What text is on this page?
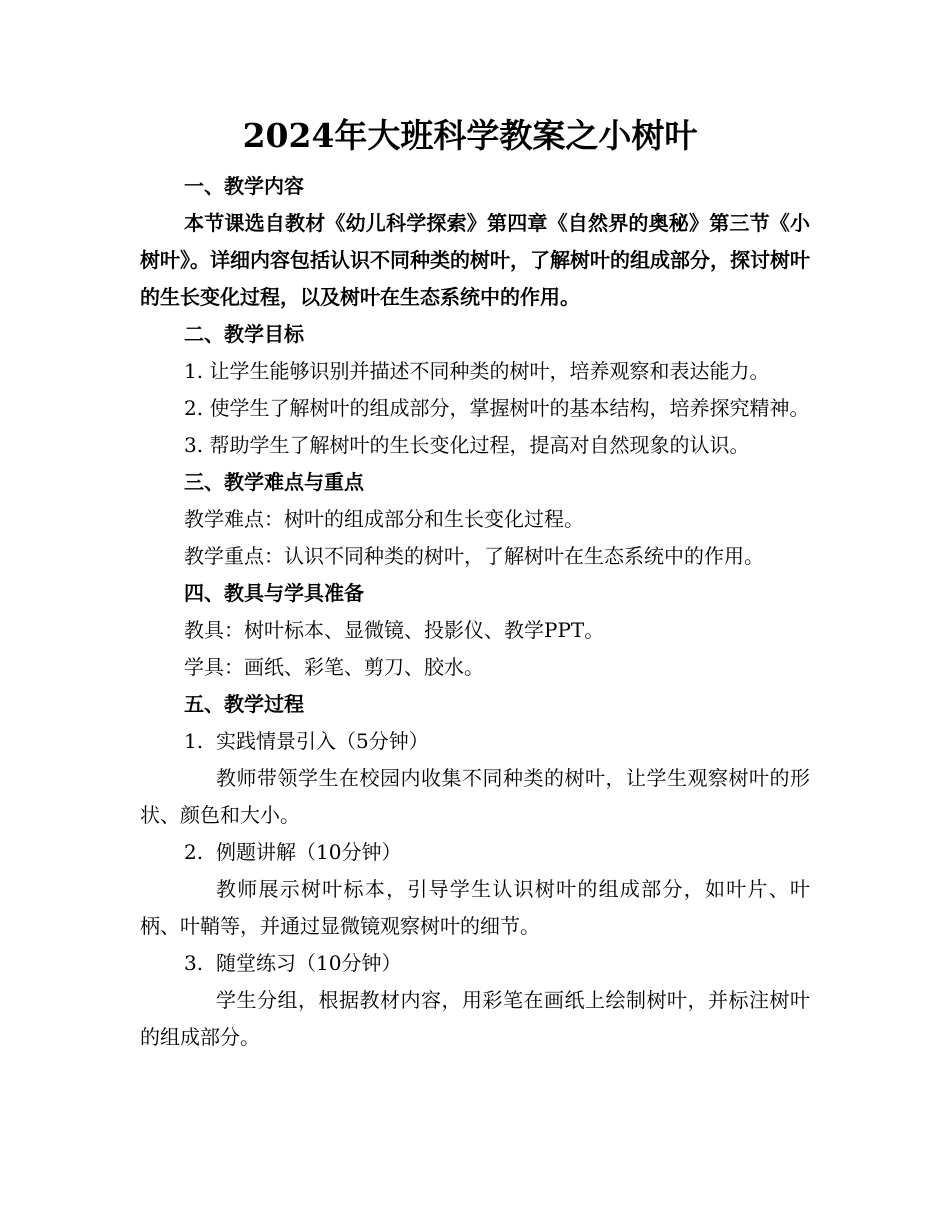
2024年大班科学教案之小树叶
一、教学内容
本节课选自教材《幼儿科学探索》第四章《自然界的奥秘》第三节《小树叶》。详细内容包括认识不同种类的树叶，了解树叶的组成部分，探讨树叶的生长变化过程，以及树叶在生态系统中的作用。
二、教学目标
1. 让学生能够识别并描述不同种类的树叶，培养观察和表达能力。
2. 使学生了解树叶的组成部分，掌握树叶的基本结构，培养探究精神。
3. 帮助学生了解树叶的生长变化过程，提高对自然现象的认识。
三、教学难点与重点
教学难点：树叶的组成部分和生长变化过程。
教学重点：认识不同种类的树叶，了解树叶在生态系统中的作用。
四、教具与学具准备
教具：树叶标本、显微镜、投影仪、教学PPT。
学具：画纸、彩笔、剪刀、胶水。
五、教学过程
1. 实践情景引入（5分钟）
教师带领学生在校园内收集不同种类的树叶，让学生观察树叶的形状、颜色和大小。
2. 例题讲解（10分钟）
教师展示树叶标本，引导学生认识树叶的组成部分，如叶片、叶柄、叶鞘等，并通过显微镜观察树叶的细节。
3. 随堂练习（10分钟）
学生分组，根据教材内容，用彩笔在画纸上绘制树叶，并标注树叶的组成部分。
